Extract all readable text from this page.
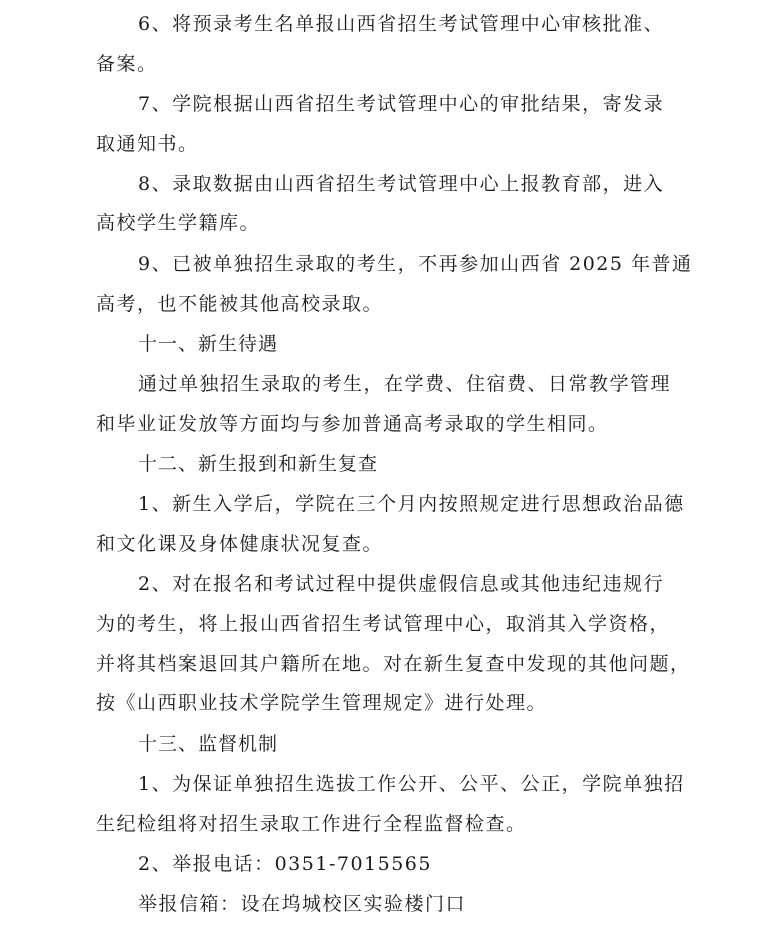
6、将预录考生名单报山西省招生考试管理中心审核批准、
备案。
7、学院根据山西省招生考试管理中心的审批结果，寄发录
取通知书。
8、录取数据由山西省招生考试管理中心上报教育部，进入
高校学生学籍库。
9、已被单独招生录取的考生，不再参加山西省 2025 年普通
高考，也不能被其他高校录取。
十一、新生待遇
通过单独招生录取的考生，在学费、住宿费、日常教学管理
和毕业证发放等方面均与参加普通高考录取的学生相同。
十二、新生报到和新生复查
1、新生入学后，学院在三个月内按照规定进行思想政治品德
和文化课及身体健康状况复查。
2、对在报名和考试过程中提供虚假信息或其他违纪违规行
为的考生，将上报山西省招生考试管理中心，取消其入学资格，
并将其档案退回其户籍所在地。对在新生复查中发现的其他问题，
按《山西职业技术学院学生管理规定》进行处理。
十三、监督机制
1、为保证单独招生选拔工作公开、公平、公正，学院单独招
生纪检组将对招生录取工作进行全程监督检查。
2、举报电话：0351-7015565
举报信箱：设在坞城校区实验楼门口
